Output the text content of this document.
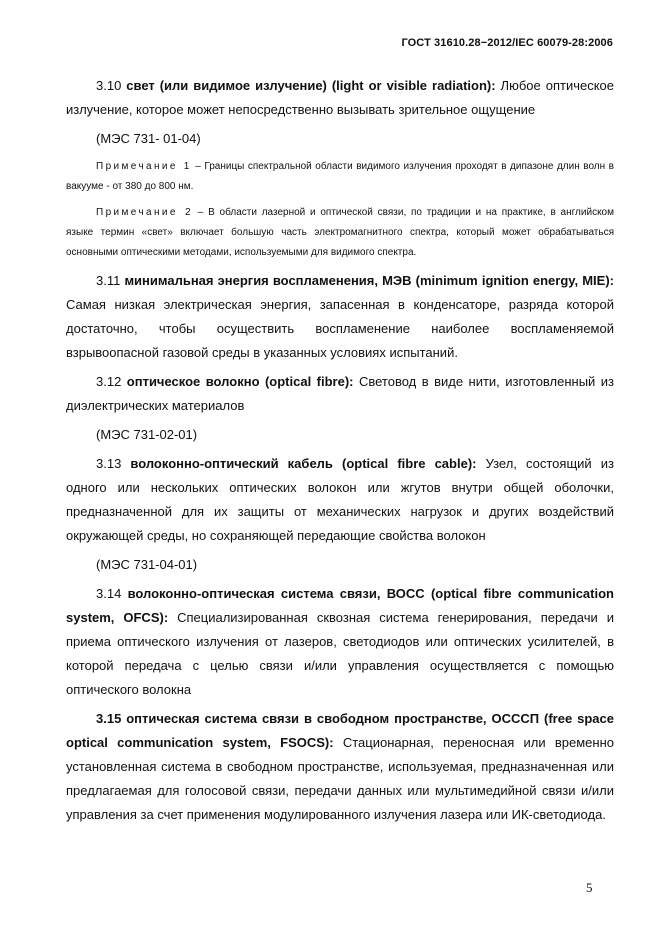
ГОСТ 31610.28−2012/IEC 60079-28:2006

3.10 свет (или видимое излучение) (light or visible radiation): Любое оптическое излучение, которое может непосредственно вызывать зрительное ощущение

(МЭС 731- 01-04)

Примечание 1 – Границы спектральной области видимого излучения проходят в дипазоне длин волн в вакууме - от 380 до 800 нм.

Примечание 2 – В области лазерной и оптической связи, по традиции и на практике, в английском языке термин «свет» включает большую часть электромагнитного спектра, который может обрабатываться основными оптическими методами, используемыми для видимого спектра.

3.11 минимальная энергия воспламенения, МЭВ (minimum ignition energy, MIE): Самая низкая электрическая энергия, запасенная в конденсаторе, разряда которой достаточно, чтобы осуществить воспламенение наиболее воспламеняемой взрывоопасной газовой среды в указанных условиях испытаний.

3.12 оптическое волокно (optical fibre): Световод в виде нити, изготовленный из диэлектрических материалов

(МЭС 731-02-01)

3.13 волоконно-оптический кабель (optical fibre cable): Узел, состоящий из одного или нескольких оптических волокон или жгутов внутри общей оболочки, предназначенной для их защиты от механических нагрузок и других воздействий окружающей среды, но сохраняющей передающие свойства волокон

(МЭС 731-04-01)

3.14 волоконно-оптическая система связи, ВОСС (optical fibre communication system, OFCS): Специализированная сквозная система генерирования, передачи и приема оптического излучения от лазеров, светодиодов или оптических усилителей, в которой передача с целью связи и/или управления осуществляется с помощью оптического волокна

3.15 оптическая система связи в свободном пространстве, ОСССП (free space optical communication system, FSOCS): Стационарная, переносная или временно установленная система в свободном пространстве, используемая, предназначенная или предлагаемая для голосовой связи, передачи данных или мультимедийной связи и/или управления за счет применения модулированного излучения лазера или ИК-светодиода.

5
